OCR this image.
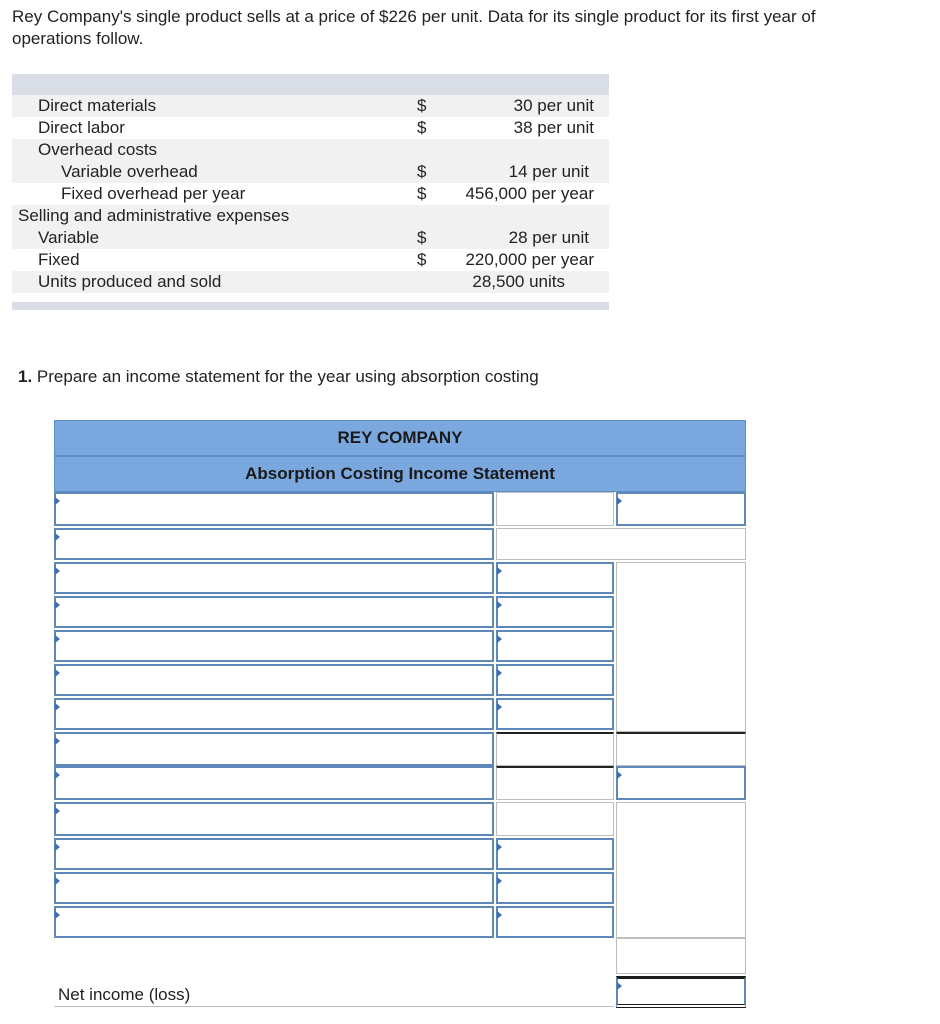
Rey Company's single product sells at a price of $226 per unit. Data for its single product for its first year of
operations follow.

Direct materials	$	30 per unit
Direct labor	$	38 per unit
Overhead costs
Variable overhead	$	14 per unit
Fixed overhead per year	$ 456,000 per year
Selling and administrative expenses
Variable	$	28 per unit
Fixed	$ 220,000 per year
Units produced and sold	28,500 units

1. Prepare an income statement for the year using absorption costing

REY COMPANY
Absorption Costing Income Statement
Net income (loss)
